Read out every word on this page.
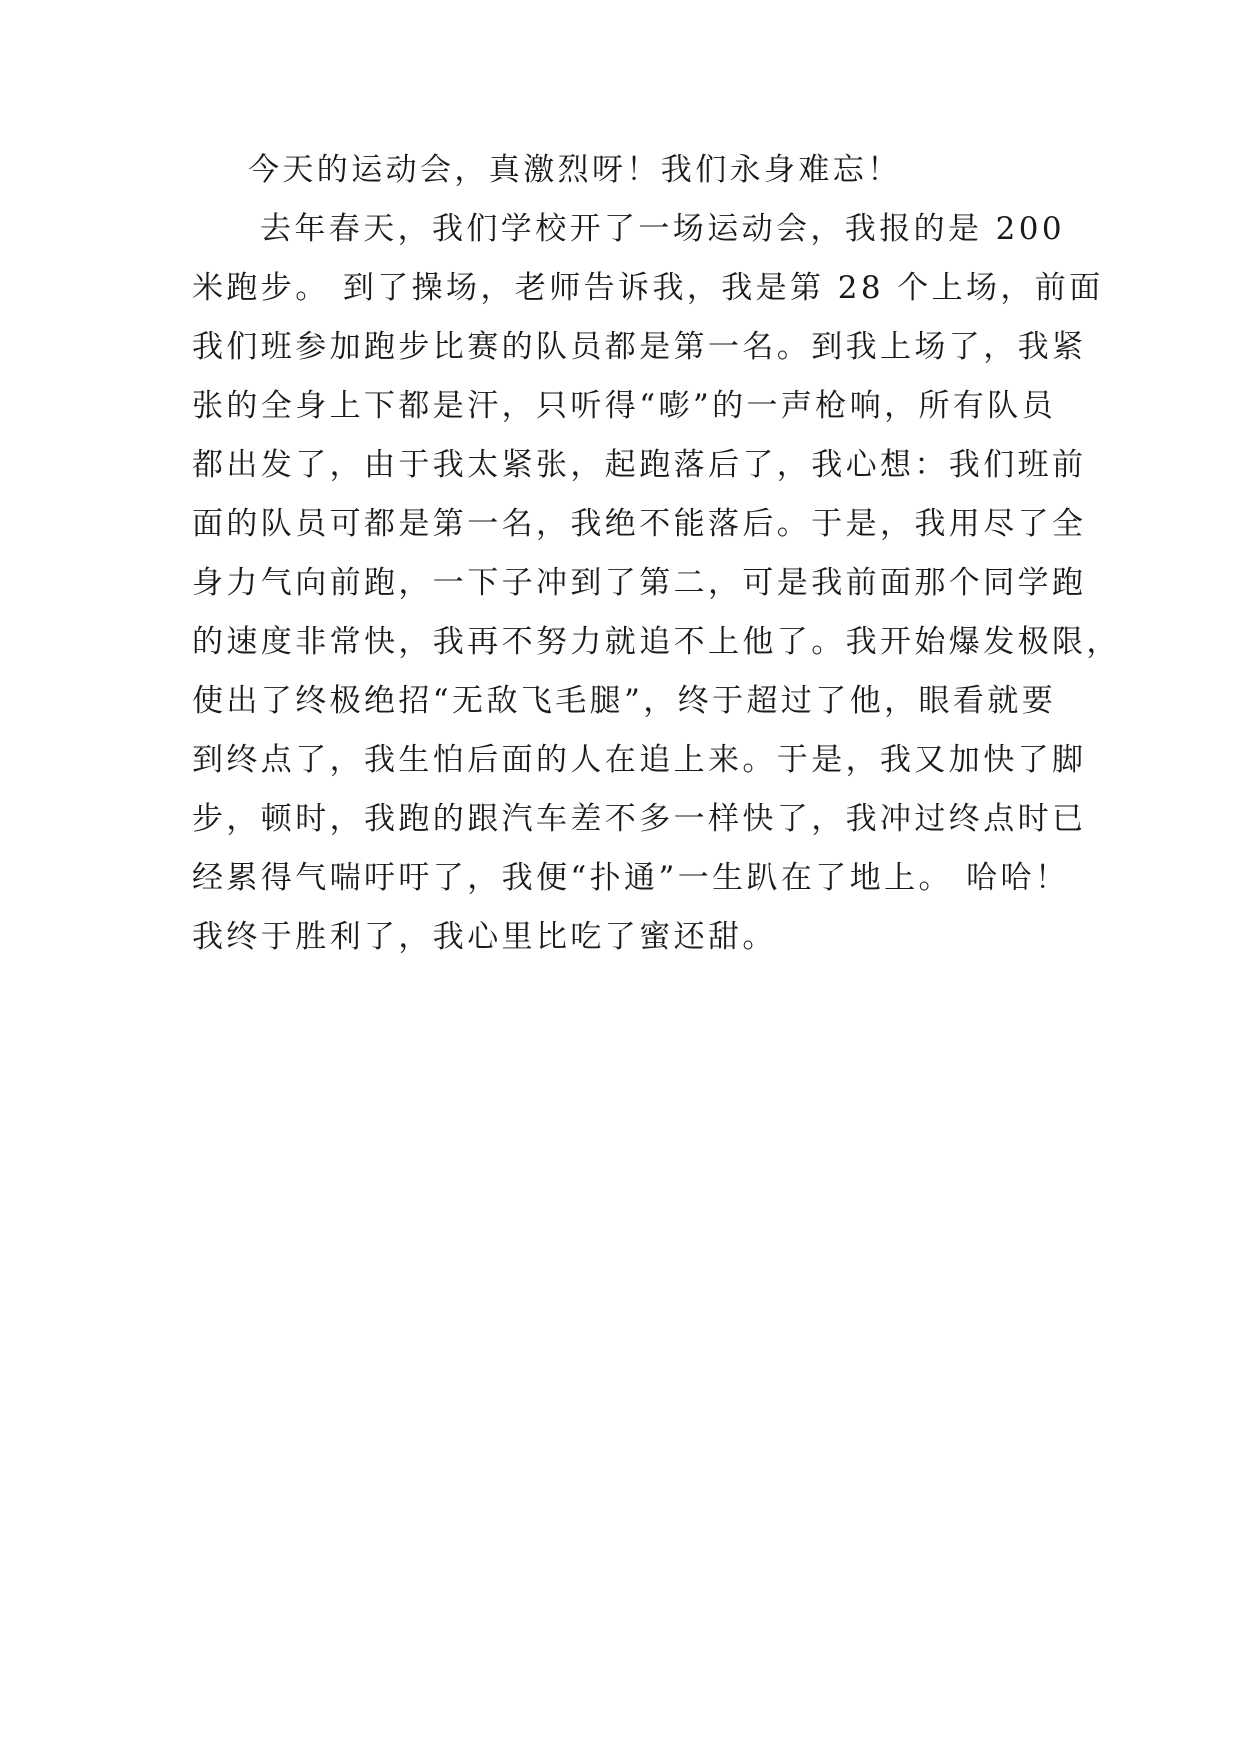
今天的运动会，真激烈呀！我们永身难忘！
去年春天，我们学校开了一场运动会，我报的是 200
米跑步。 到了操场，老师告诉我，我是第 28 个上场，前面
我们班参加跑步比赛的队员都是第一名。到我上场了，我紧
张的全身上下都是汗，只听得“嘭”的一声枪响，所有队员
都出发了，由于我太紧张，起跑落后了，我心想：我们班前
面的队员可都是第一名，我绝不能落后。于是，我用尽了全
身力气向前跑，一下子冲到了第二，可是我前面那个同学跑
的速度非常快，我再不努力就追不上他了。我开始爆发极限，
使出了终极绝招“无敌飞毛腿”，终于超过了他，眼看就要
到终点了，我生怕后面的人在追上来。于是，我又加快了脚
步，顿时，我跑的跟汽车差不多一样快了，我冲过终点时已
经累得气喘吁吁了，我便“扑通”一生趴在了地上。 哈哈！
我终于胜利了，我心里比吃了蜜还甜。
